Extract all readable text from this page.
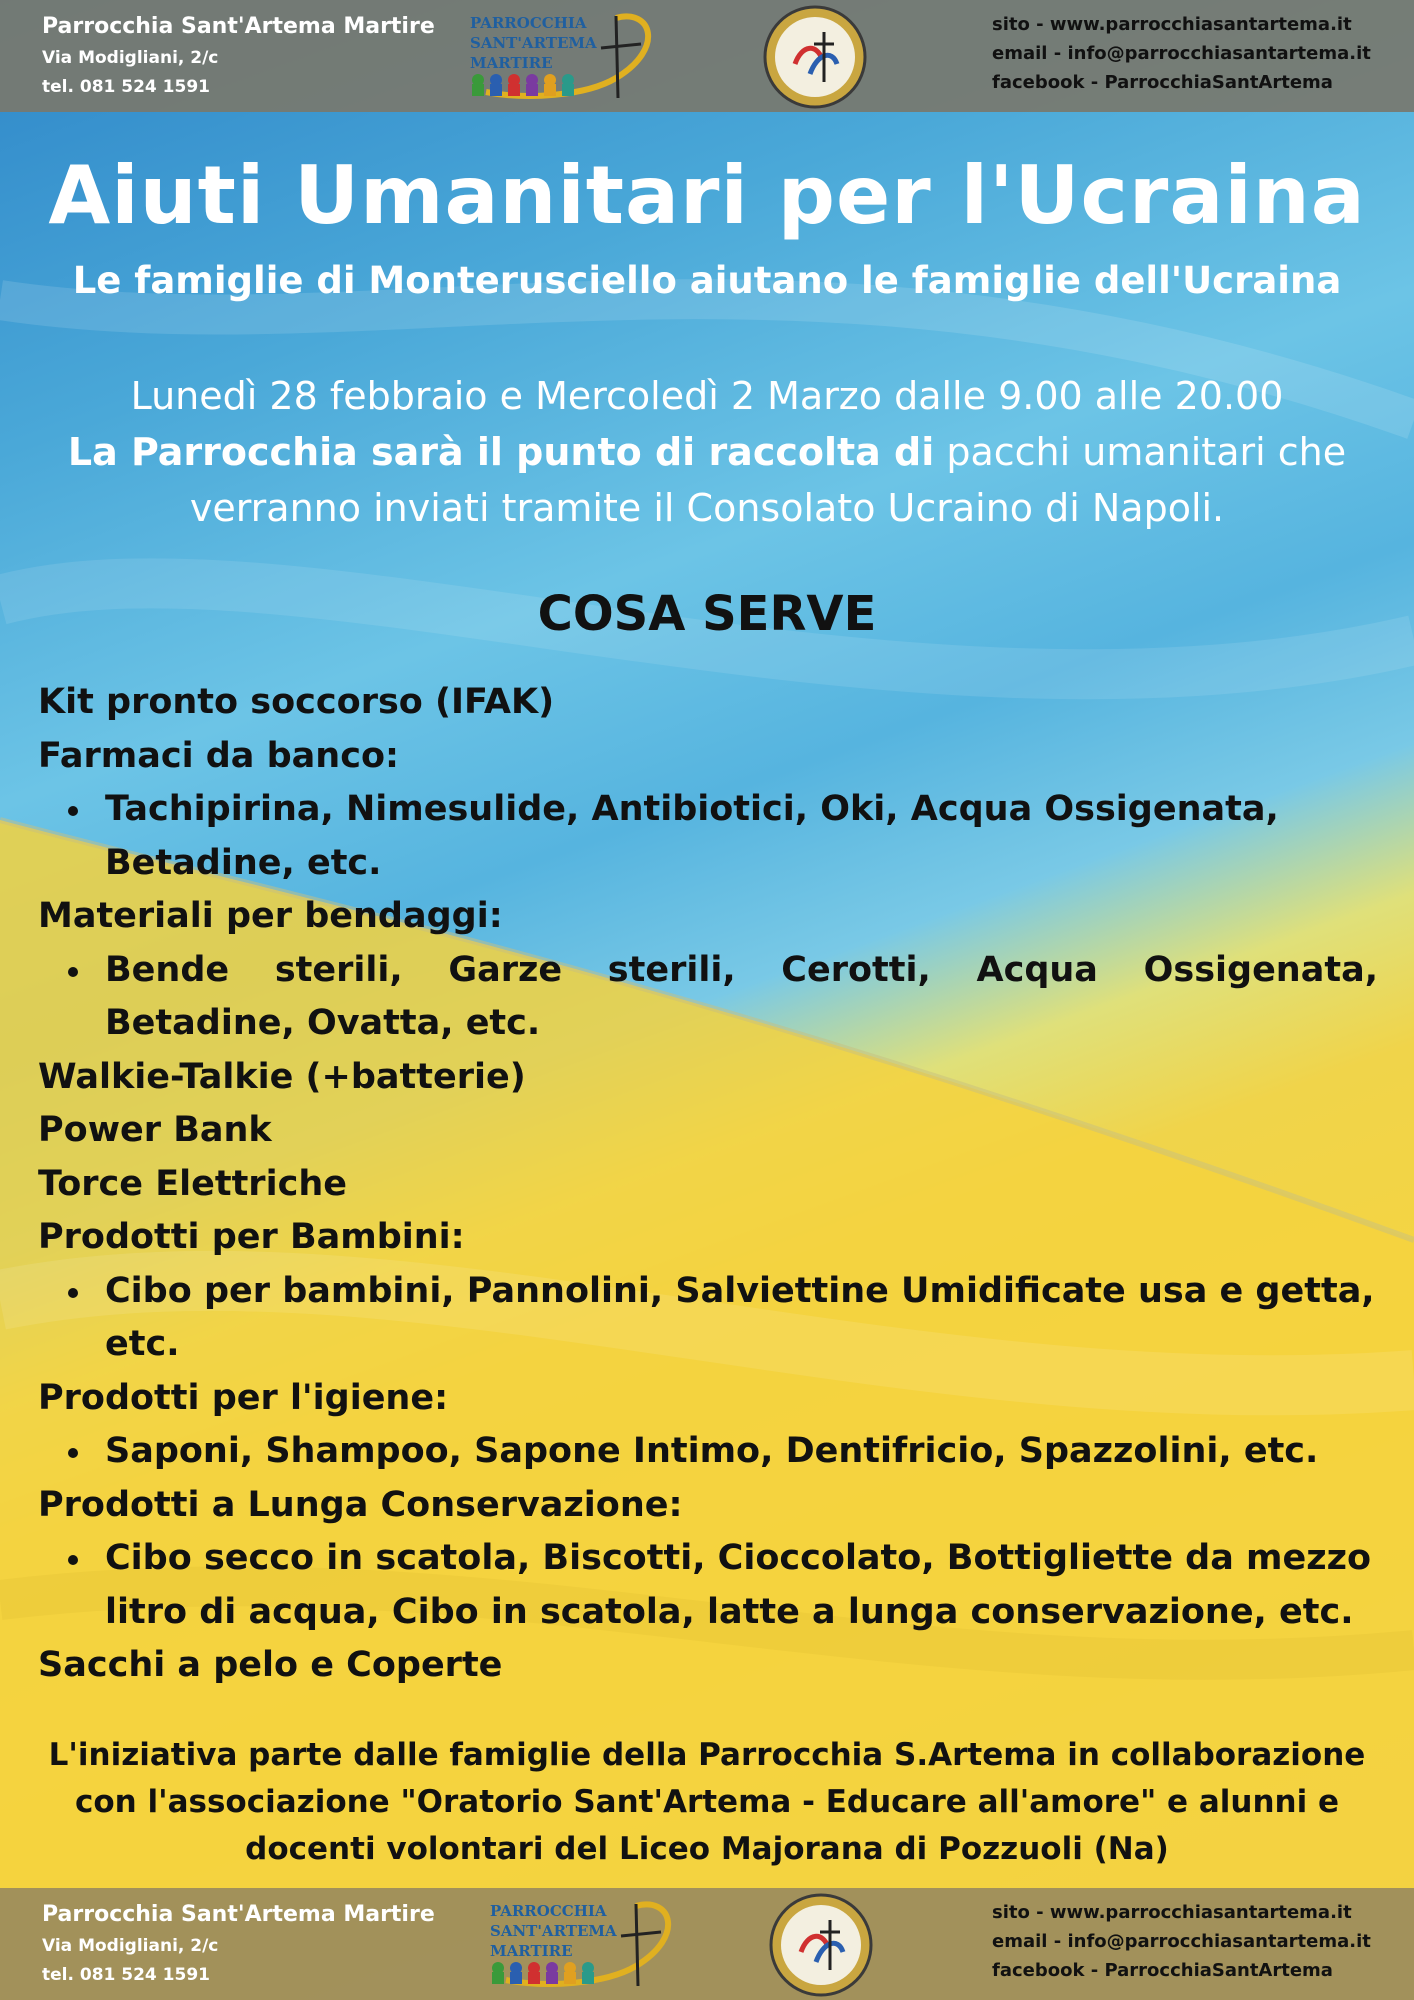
Parrocchia Sant'Artema Martire
Via Modigliani, 2/c
tel. 081 524 1591
PARROCCHIA
SANT'ARTEMA
MARTIRE
sito - www.parrocchiasantartema.it
email - info@parrocchiasantartema.it
facebook - ParrocchiaSantArtema
Aiuti Umanitari per l'Ucraina
Le famiglie di Monterusciello aiutano le famiglie dell'Ucraina
Lunedì 28 febbraio e Mercoledì 2 Marzo dalle 9.00 alle 20.00
La Parrocchia sarà il punto di raccolta di pacchi umanitari che verranno inviati tramite il Consolato Ucraino di Napoli.
COSA SERVE
Kit pronto soccorso (IFAK)
Farmaci da banco:
Tachipirina, Nimesulide, Antibiotici, Oki, Acqua Ossigenata, Betadine, etc.
Materiali per bendaggi:
Bende sterili, Garze sterili, Cerotti, Acqua Ossigenata, Betadine, Ovatta, etc.
Walkie-Talkie (+batterie)
Power Bank
Torce Elettriche
Prodotti per Bambini:
Cibo per bambini, Pannolini, Salviettine Umidificate usa e getta, etc.
Prodotti per l'igiene:
Saponi, Shampoo, Sapone Intimo, Dentifricio, Spazzolini, etc.
Prodotti a Lunga Conservazione:
Cibo secco in scatola, Biscotti, Cioccolato, Bottigliette da mezzo litro di acqua, Cibo in scatola, latte a lunga conservazione, etc.
Sacchi a pelo e Coperte
L'iniziativa parte dalle famiglie della Parrocchia S.Artema in collaborazione con l'associazione "Oratorio Sant'Artema - Educare all'amore" e alunni e docenti volontari del Liceo Majorana di Pozzuoli (Na)
Parrocchia Sant'Artema Martire
Via Modigliani, 2/c
tel. 081 524 1591
PARROCCHIA
SANT'ARTEMA
MARTIRE
sito - www.parrocchiasantartema.it
email - info@parrocchiasantartema.it
facebook - ParrocchiaSantArtema
